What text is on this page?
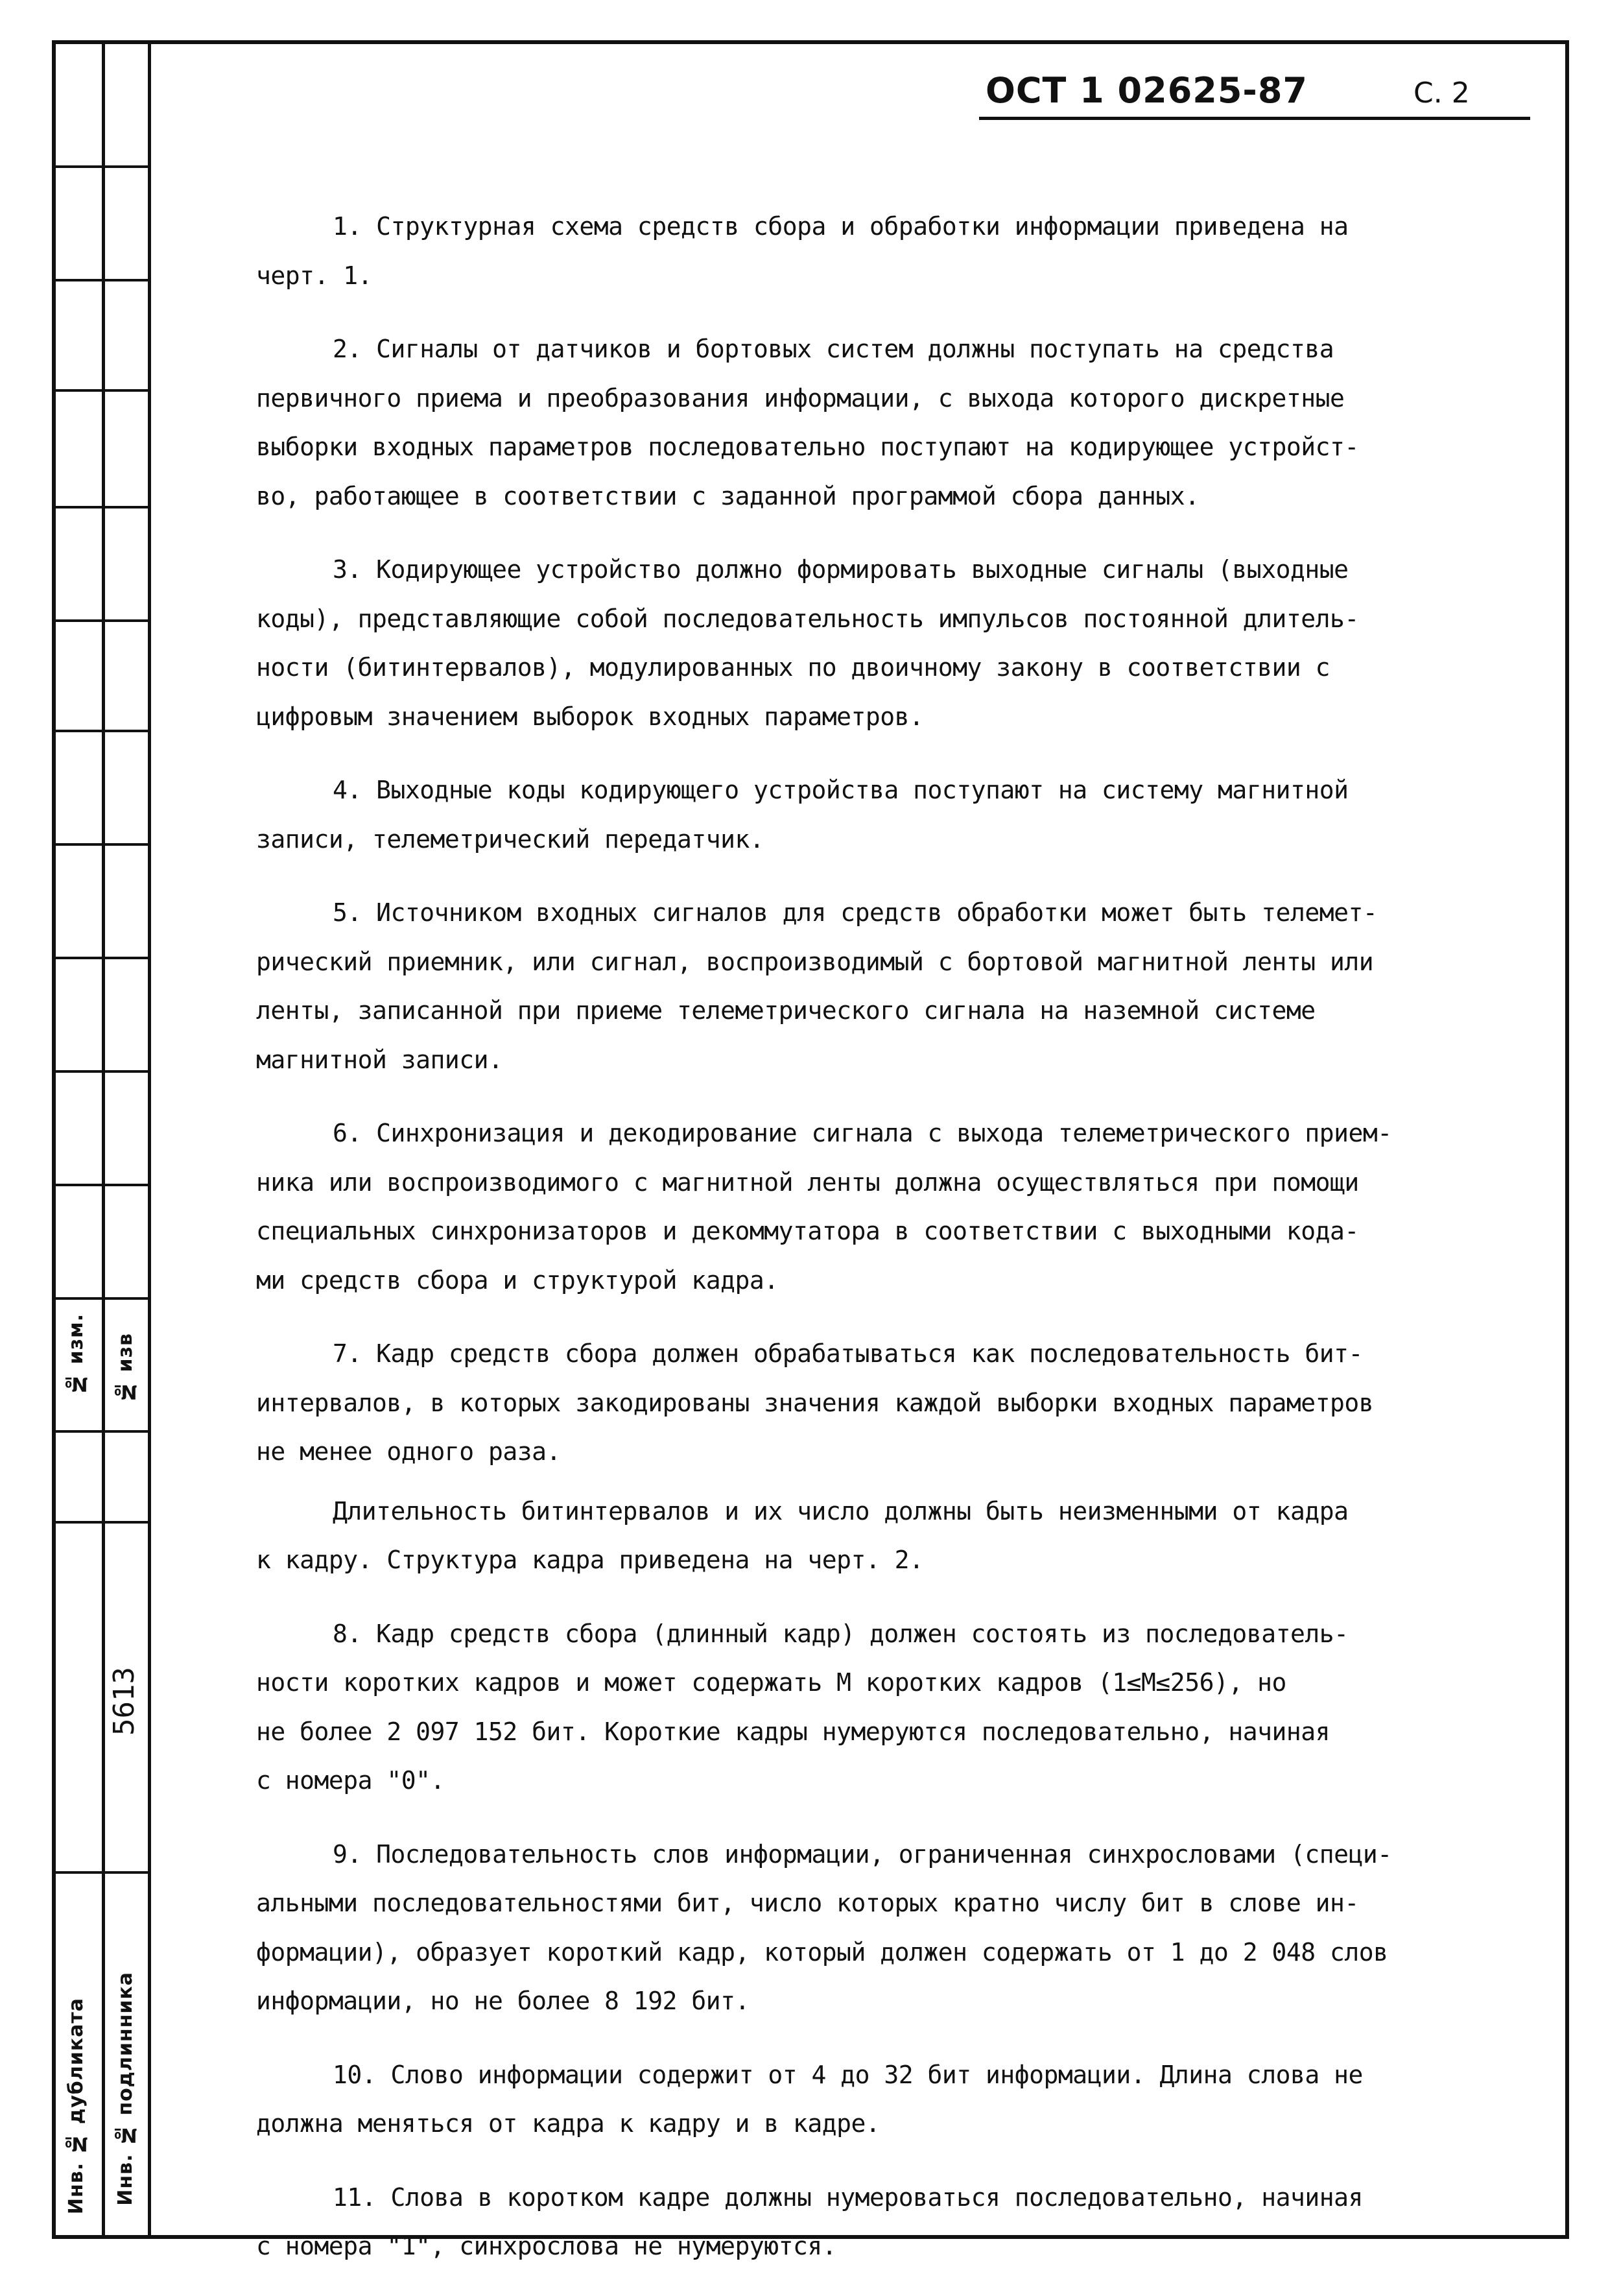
№ изм. № изв
5613
Инв. № дубликата Инв. № подлинника
ОСТ 1 02625-87	С. 2

1. Структурная схема средств сбора и обработки информации приведена на
черт. 1.

2. Сигналы от датчиков и бортовых систем должны поступать на средства
первичного приема и преобразования информации, с выхода которого дискретные
выборки входных параметров последовательно поступают на кодирующее устройст-
во, работающее в соответствии с заданной программой сбора данных.

3. Кодирующее устройство должно формировать выходные сигналы (выходные
коды), представляющие собой последовательность импульсов постоянной длитель-
ности (битинтервалов), модулированных по двоичному закону в соответствии с
цифровым значением выборок входных параметров.

4. Выходные коды кодирующего устройства поступают на систему магнитной
записи, телеметрический передатчик.

5. Источником входных сигналов для средств обработки может быть телемет-
рический приемник, или сигнал, воспроизводимый с бортовой магнитной ленты или
ленты, записанной при приеме телеметрического сигнала на наземной системе
магнитной записи.

6. Синхронизация и декодирование сигнала с выхода телеметрического прием-
ника или воспроизводимого с магнитной ленты должна осуществляться при помощи
специальных синхронизаторов и декоммутатора в соответствии с выходными кода-
ми средств сбора и структурой кадра.

7. Кадр средств сбора должен обрабатываться как последовательность бит-
интервалов, в которых закодированы значения каждой выборки входных параметров
не менее одного раза.

Длительность битинтервалов и их число должны быть неизменными от кадра
к кадру. Структура кадра приведена на черт. 2.

8. Кадр средств сбора (длинный кадр) должен состоять из последователь-
ности коротких кадров и может содержать M коротких кадров (1≤M≤256), но
не более 2 097 152 бит. Короткие кадры нумеруются последовательно, начиная
с номера "0".

9. Последовательность слов информации, ограниченная синхрословами (специ-
альными последовательностями бит, число которых кратно числу бит в слове ин-
формации), образует короткий кадр, который должен содержать от 1 до 2 048 слов
информации, но не более 8 192 бит.

10. Слово информации содержит от 4 до 32 бит информации. Длина слова не
должна меняться от кадра к кадру и в кадре.

11. Слова в коротком кадре должны нумероваться последовательно, начиная
с номера "1", синхрослова не нумеруются.
